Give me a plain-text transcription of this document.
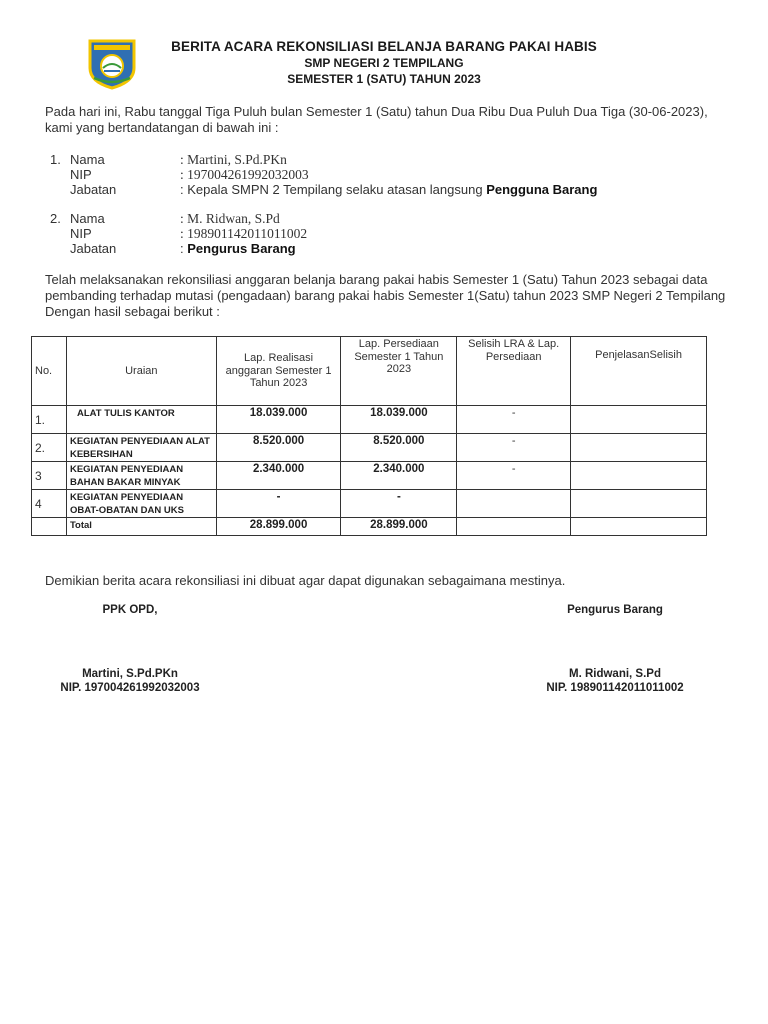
BERITA ACARA REKONSILIASI BELANJA BARANG PAKAI HABIS
SMP NEGERI 2 TEMPILANG
SEMESTER 1 (SATU) TAHUN 2023
Pada hari ini, Rabu tanggal Tiga Puluh bulan Semester 1 (Satu) tahun Dua Ribu Dua Puluh Dua Tiga (30-06-2023), kami yang bertandatangan di bawah ini :
1. Nama	: Martini, S.Pd.PKn
NIP	: 197004261992032003
Jabatan	: Kepala SMPN 2 Tempilang selaku atasan langsung Pengguna Barang
2. Nama	: M. Ridwan, S.Pd
NIP	: 198901142011011002
Jabatan	: Pengurus Barang
Telah melaksanakan rekonsiliasi anggaran belanja barang pakai habis Semester 1 (Satu) Tahun 2023 sebagai data pembanding terhadap mutasi (pengadaan) barang pakai habis Semester 1(Satu) tahun 2023 SMP Negeri 2 Tempilang Dengan hasil sebagai berikut :
No.	Uraian	Lap. Realisasi anggaran Semester 1 Tahun 2023	Lap. Persediaan Semester 1 Tahun 2023	Selisih LRA & Lap. Persediaan	PenjelasanSelisih
1.	ALAT TULIS KANTOR	18.039.000	18.039.000	-	
2.	KEGIATAN PENYEDIAAN ALAT KEBERSIHAN	8.520.000	8.520.000	-	
3	KEGIATAN PENYEDIAAN BAHAN BAKAR MINYAK	2.340.000	2.340.000	-	
4	KEGIATAN PENYEDIAAN OBAT-OBATAN DAN UKS	-	-		
	Total	28.899.000	28.899.000		
Demikian berita acara rekonsiliasi ini dibuat agar dapat digunakan sebagaimana mestinya.
PPK OPD,	Pengurus Barang
Martini, S.Pd.PKn
NIP. 197004261992032003
M. Ridwani, S.Pd
NIP. 198901142011011002
